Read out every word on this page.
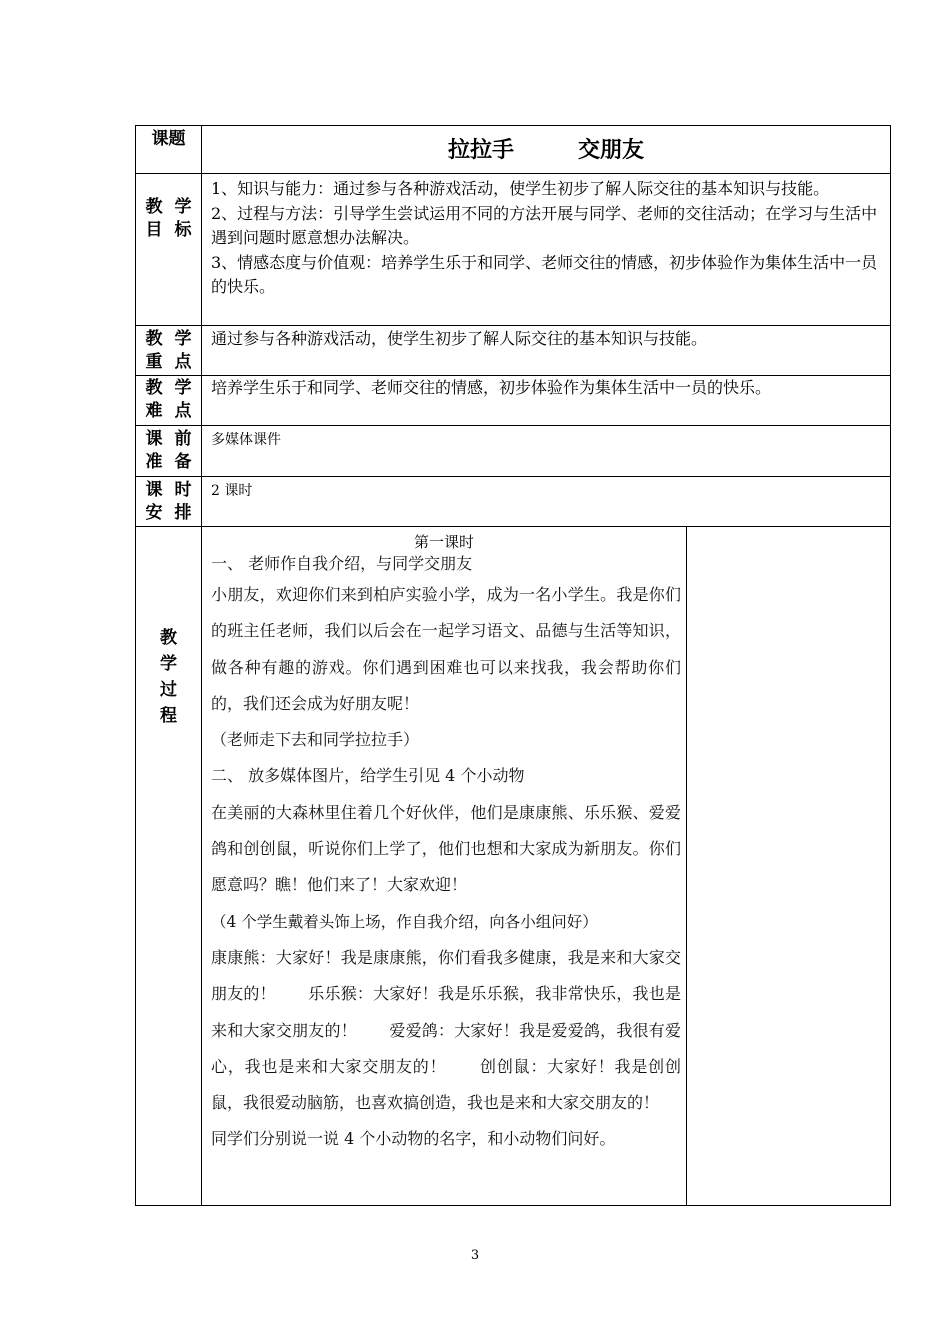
课题	拉拉手	交朋友
教学
目标

1、知识与能力：通过参与各种游戏活动，使学生初步了解人际交往的基本知识与技能。

2、过程与方法：引导学生尝试运用不同的方法开展与同学、老师的交往活动；在学习与生活中遇到问题时愿意想办法解决。

3、情感态度与价值观：培养学生乐于和同学、老师交往的情感，初步体验作为集体生活中一员的快乐。

教学
重点
通过参与各种游戏活动，使学生初步了解人际交往的基本知识与技能。
教学
难点
培养学生乐于和同学、老师交往的情感，初步体验作为集体生活中一员的快乐。
课前
准备
多媒体课件
课时
安排
2 课时
教
学
过
程
第一课时

一、 老师作自我介绍，与同学交朋友

小朋友，欢迎你们来到柏庐实验小学，成为一名小学生。我是你们的班主任老师，我们以后会在一起学习语文、品德与生活等知识，做各种有趣的游戏。你们遇到困难也可以来找我，我会帮助你们的，我们还会成为好朋友呢！

（老师走下去和同学拉拉手）

二、 放多媒体图片，给学生引见 4 个小动物

在美丽的大森林里住着几个好伙伴，他们是康康熊、乐乐猴、爱爱鸽和创创鼠，听说你们上学了，他们也想和大家成为新朋友。你们愿意吗？瞧！他们来了！大家欢迎！

（4 个学生戴着头饰上场，作自我介绍，向各小组问好）

康康熊：大家好！我是康康熊，你们看我多健康，我是来和大家交朋友的！　　乐乐猴：大家好！我是乐乐猴，我非常快乐，我也是来和大家交朋友的！　　爱爱鸽：大家好！我是爱爱鸽，我很有爱心，我也是来和大家交朋友的！　　创创鼠：大家好！我是创创鼠，我很爱动脑筋，也喜欢搞创造，我也是来和大家交朋友的！

同学们分别说一说 4 个小动物的名字，和小动物们问好。

3
